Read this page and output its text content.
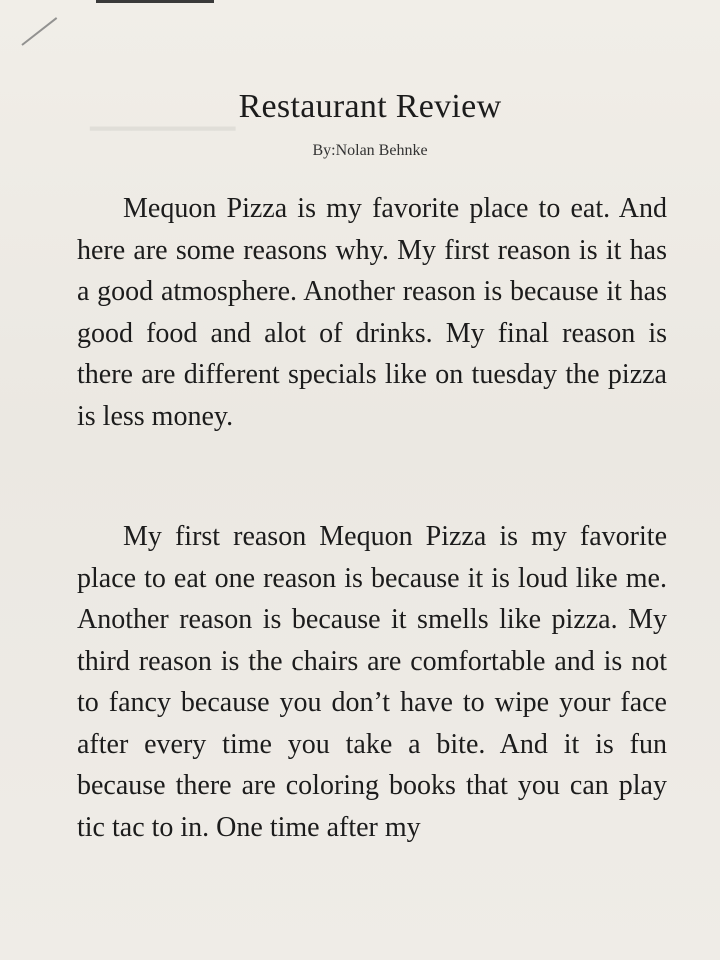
▁▁▁▁▁▁▁ Restaurant Review
By:Nolan Behnke

Mequon Pizza is my favorite place to eat. And here are some reasons why. My first reason is it has a good atmosphere. Another reason is because it has good food and alot of drinks. My final reason is there are different specials like on tuesday the pizza is less money.

My first reason Mequon Pizza is my favorite place to eat one reason is because it is loud like me. Another reason is because it smells like pizza. My third reason is the chairs are comfortable and is not to fancy because you don’t have to wipe your face after every time you take a bite. And it is fun because there are coloring books that you can play tic tac to in. One time after my
